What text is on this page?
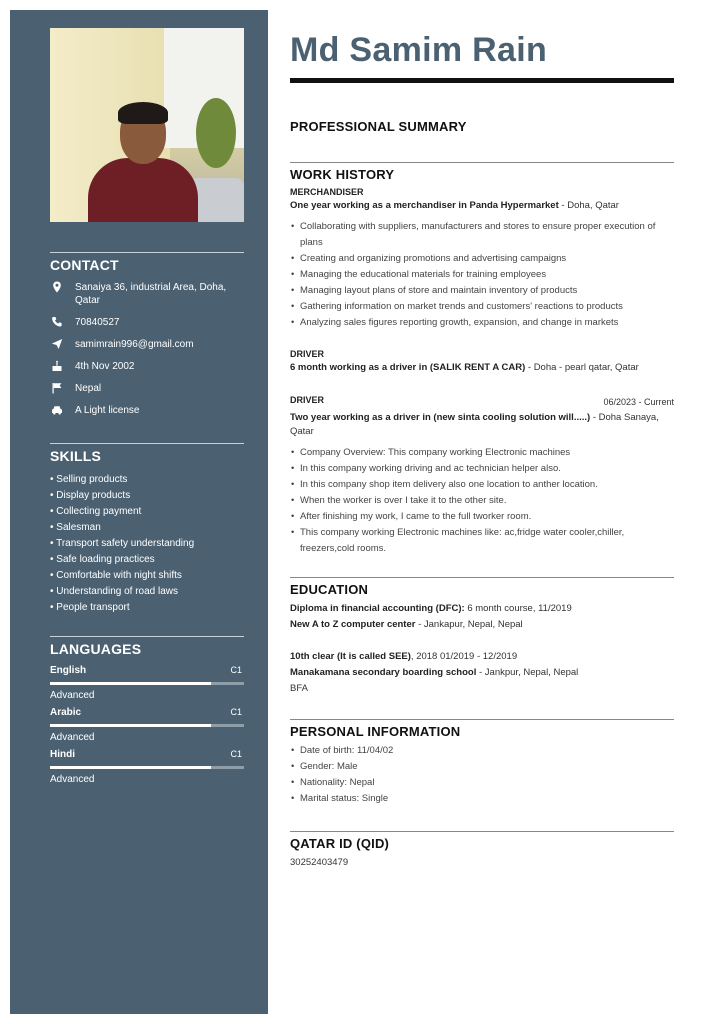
CONTACT
Sanaiya 36, industrial Area, Doha, Qatar
70840527
samimrain996@gmail.com
4th Nov 2002
Nepal
A Light license
SKILLS
• Selling products
• Display products
• Collecting payment
• Salesman
• Transport safety understanding
• Safe loading practices
• Comfortable with night shifts
• Understanding of road laws
• People transport
LANGUAGES
English	C1
Advanced
Arabic	C1
Advanced
Hindi	C1
Advanced
Md Samim Rain
PROFESSIONAL SUMMARY
WORK HISTORY
MERCHANDISER
One year working as a merchandiser in Panda Hypermarket - Doha, Qatar
• Collaborating with suppliers, manufacturers and stores to ensure proper execution of plans
• Creating and organizing promotions and advertising campaigns
• Managing the educational materials for training employees
• Managing layout plans of store and maintain inventory of products
• Gathering information on market trends and customers' reactions to products
• Analyzing sales figures reporting growth, expansion, and change in markets
DRIVER
6 month working as a driver in (SALIK RENT A CAR) - Doha - pearl qatar, Qatar
DRIVER	06/2023 - Current
Two year working as a driver in (new sinta cooling solution will.....) - Doha Sanaya, Qatar
• Company Overview: This company working Electronic machines
• In this company working driving and ac technician helper also.
• In this company shop item delivery also one location to anther location.
• When the worker is over I take it to the other site.
• After finishing my work, I came to the full tworker room.
• This company working Electronic machines like: ac,fridge water cooler,chiller, freezers,cold rooms.
EDUCATION
Diploma in financial accounting (DFC): 6 month course, 11/2019
New A to Z computer center - Jankapur, Nepal, Nepal
10th clear (It is called SEE), 2018 01/2019 - 12/2019
Manakamana secondary boarding school - Jankpur, Nepal, Nepal
BFA
PERSONAL INFORMATION
• Date of birth: 11/04/02
• Gender: Male
• Nationality: Nepal
• Marital status: Single
QATAR ID (QID)
30252403479
